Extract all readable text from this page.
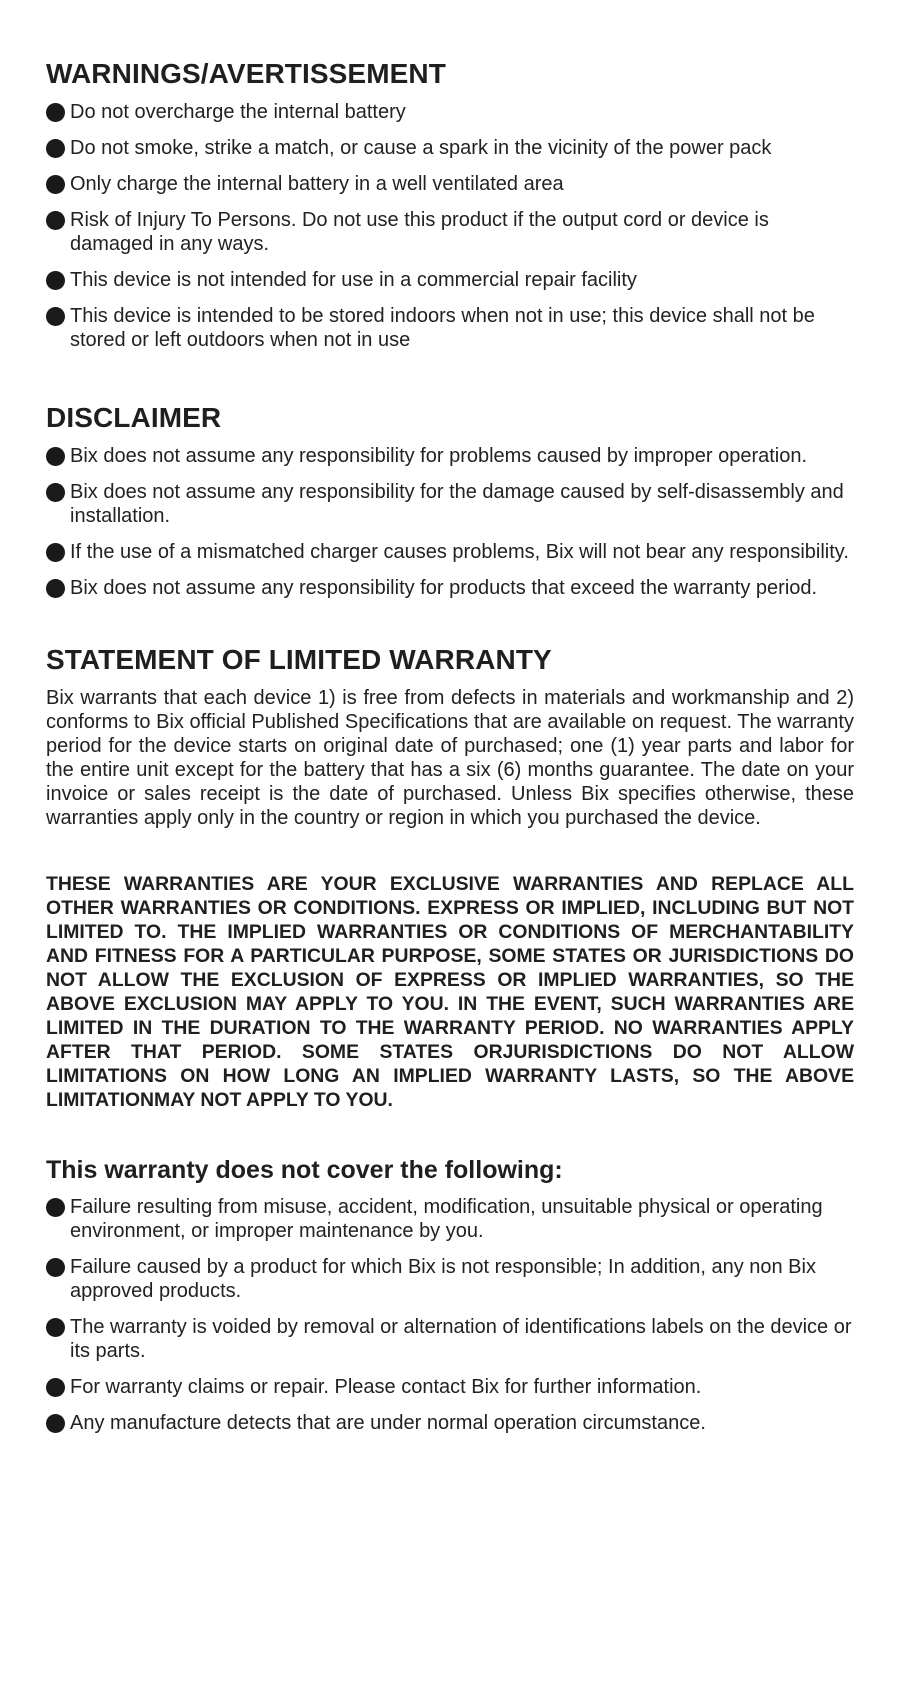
WARNINGS/AVERTISSEMENT
Do not overcharge the internal battery
Do not smoke, strike a match, or cause a spark in the vicinity of the power pack
Only charge the internal battery in a well ventilated area
Risk of Injury To Persons. Do not use this product if the output cord or device is damaged in any ways.
This device is not intended for use in a commercial repair facility
This device is intended to be stored indoors when not in use; this device shall not be stored or left outdoors when not in use
DISCLAIMER
Bix does not assume any responsibility for problems caused by improper operation.
Bix does not assume any responsibility for the damage caused by self-disassembly and installation.
If the use of a mismatched charger causes problems, Bix will not bear any responsibility.
Bix does not assume any responsibility for products that exceed the warranty period.
STATEMENT OF LIMITED WARRANTY

Bix warrants that each device 1) is free from defects in materials and workmanship and 2) conforms to Bix official Published Specifications that are available on request. The warranty period for the device starts on original date of purchased; one (1) year parts and labor for the entire unit except for the battery that has a six (6) months guarantee. The date on your invoice or sales receipt is the date of purchased. Unless Bix specifies otherwise, these warranties apply only in the country or region in which you purchased the device.

THESE WARRANTIES ARE YOUR EXCLUSIVE WARRANTIES AND REPLACE ALL OTHER WARRANTIES OR CONDITIONS. EXPRESS OR IMPLIED, INCLUDING BUT NOT LIMITED TO. THE IMPLIED WARRANTIES OR CONDITIONS OF MERCHANTABILITY AND FITNESS FOR A PARTICULAR PURPOSE, SOME STATES OR JURISDICTIONS DO NOT ALLOW THE EXCLUSION OF EXPRESS OR IMPLIED WARRANTIES, SO THE ABOVE EXCLUSION MAY APPLY TO YOU. IN THE EVENT, SUCH WARRANTIES ARE LIMITED IN THE DURATION TO THE WARRANTY PERIOD. NO WARRANTIES APPLY AFTER THAT PERIOD. SOME STATES ORJURISDICTIONS DO NOT ALLOW LIMITATIONS ON HOW LONG AN IMPLIED WARRANTY LASTS, SO THE ABOVE LIMITATIONMAY NOT APPLY TO YOU.

This warranty does not cover the following:
Failure resulting from misuse, accident, modification, unsuitable physical or operating environment, or improper maintenance by you.
Failure caused by a product for which Bix is not responsible; In addition, any non Bix approved products.
The warranty is voided by removal or alternation of identifications labels on the device or its parts.
For warranty claims or repair. Please contact Bix for further information.
Any manufacture detects that are under normal operation circumstance.
